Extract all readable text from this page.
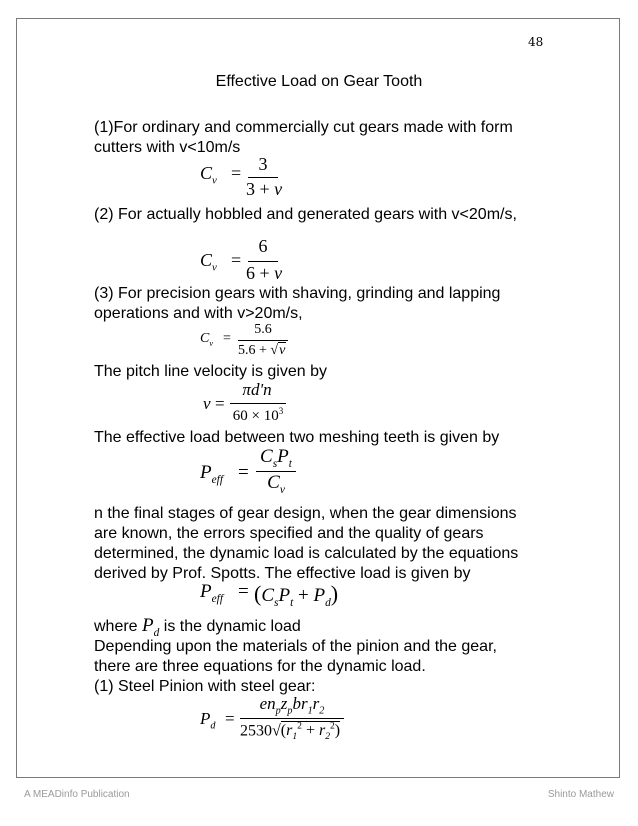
48
Effective Load on Gear Tooth
(1)For ordinary and commercially cut gears made with form
cutters with v<10m/s
$C_v = 3$
3 + v
(2) For actually hobbled and generated gears with v<20m/s,
$C_v$ =
6
6 + v
(3) For precision gears with shaving, grinding and lapping
operations and with v>20m/s,
$C_v$ =
5.6
5.6 + √v
The pitch line velocity is given by
v =
πd'n
$60 \times 10^3$
The effective load between two meshing teeth is given by
$P_{eff}$ =
$C_sP_t$
$C_v$
n the final stages of gear design, when the gear dimensions
are known, the errors specified and the quality of gears
determined, the dynamic load is calculated by the equations
derived by Prof. Spotts. The effective load is given by
$P_{eff} = (C_sP_t + P_d)$
where $P_d$ is the dynamic load
Depending upon the materials of the pinion and the gear,
there are three equations for the dynamic load.
(1) Steel Pinion with steel gear:
$P_d$ =
$en_pz_pbr_1r_2$
$2530√(r_1^2 + r_2^2)$
A MEADinfo Publication	Shinto Mathew
